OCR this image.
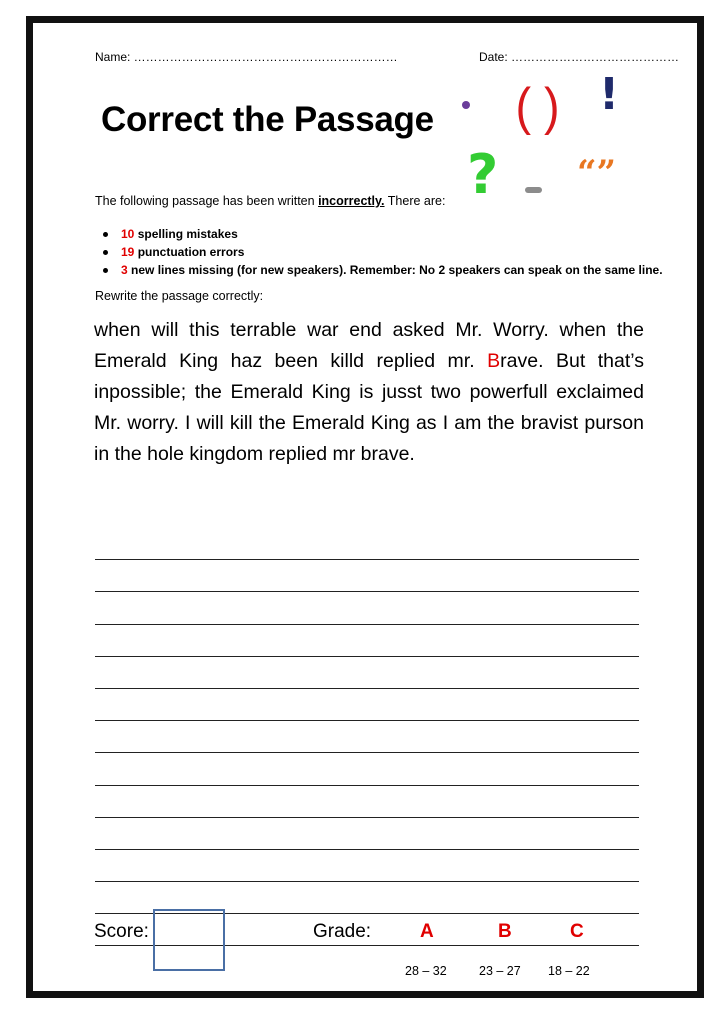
Name: …………………………………………………………	Date: ……………………………………
Correct the Passage ( ) !
? “”
The following passage has been written incorrectly. There are:
10 spelling mistakes
19 punctuation errors
3 new lines missing (for new speakers). Remember: No 2 speakers can speak on the same line.
Rewrite the passage correctly:
when will this terrable war end asked Mr. Worry. when the Emerald King haz been killd replied mr. Brave. But that’s inpossible; the Emerald King is jusst two powerfull exclaimed Mr. worry. I will kill the Emerald King as I am the bravist purson in the hole kingdom replied mr brave.
Score:	Grade:	A	B	C
28 – 32	23 – 27 18 – 22
